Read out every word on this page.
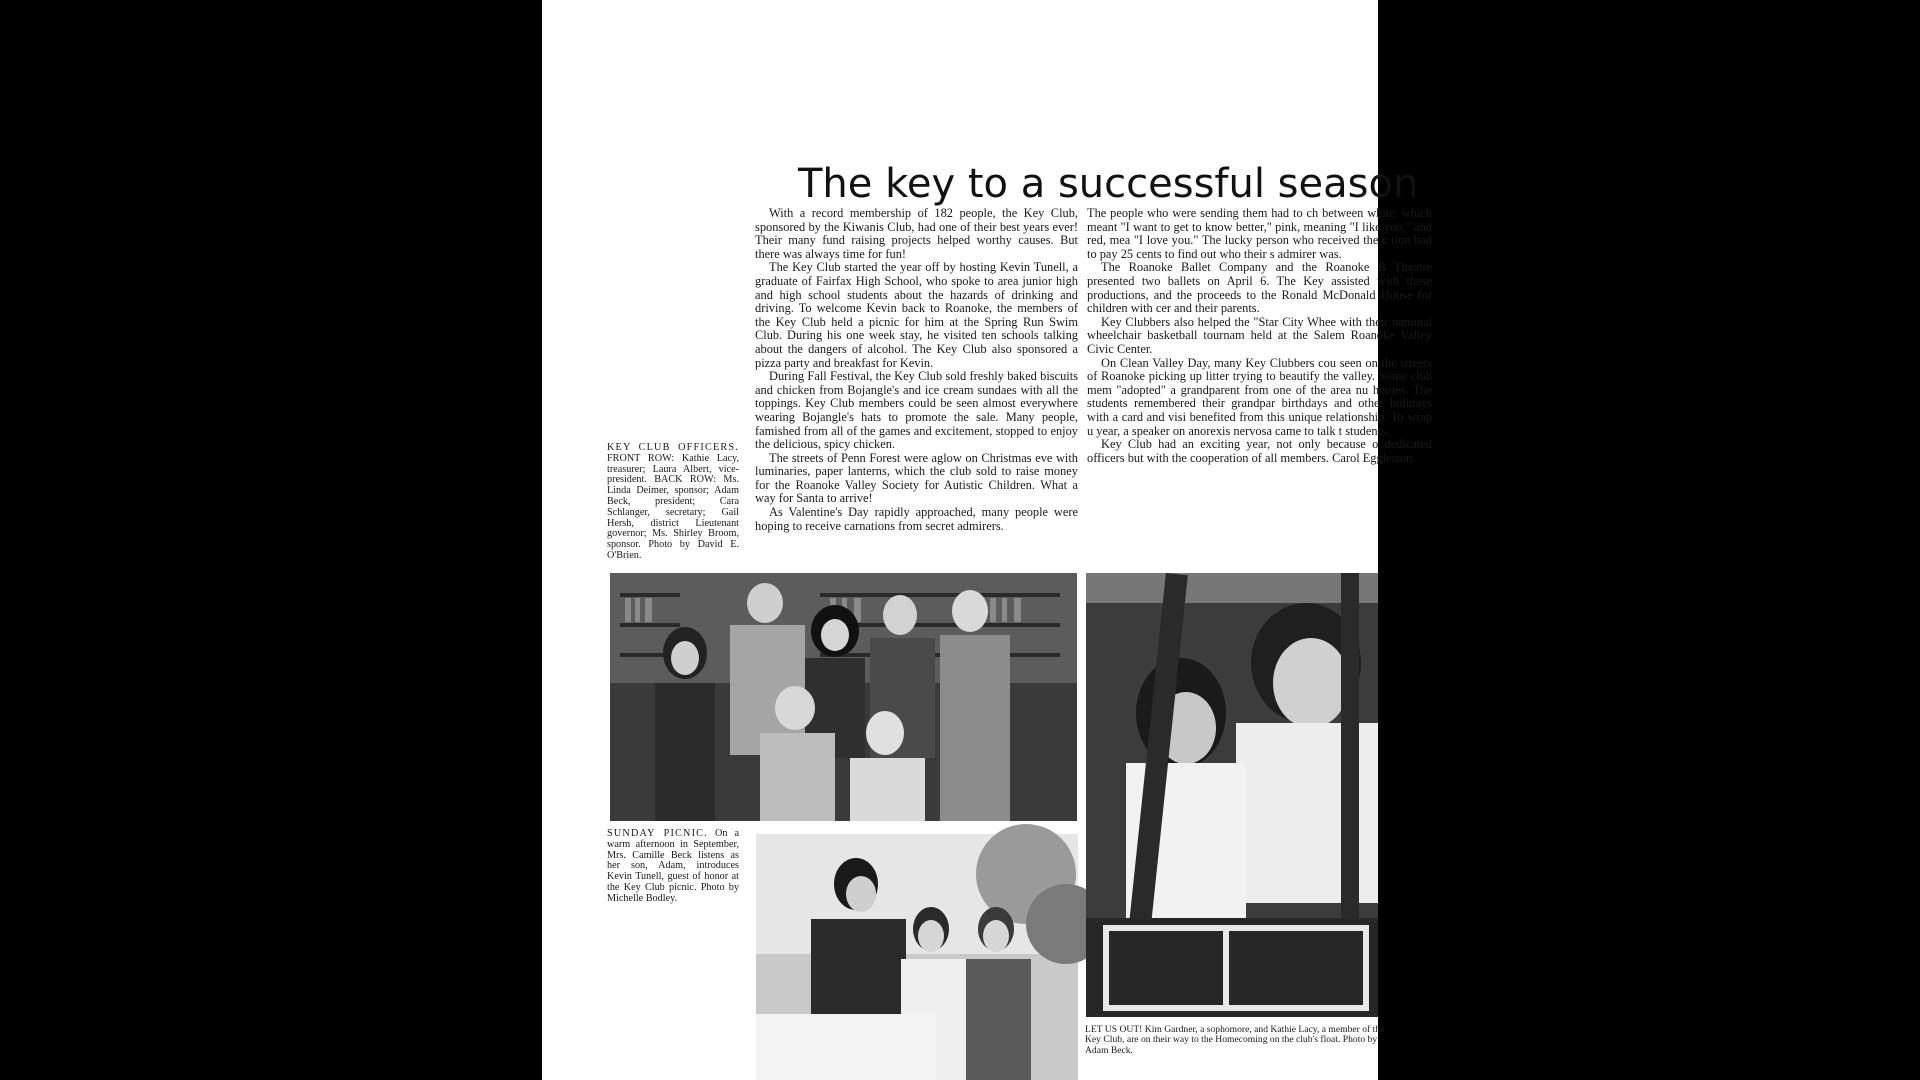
The key to a successful season

With a record membership of 182 people, the Key Club, sponsored by the Kiwanis Club, had one of their best years ever! Their many fund raising projects helped worthy causes. But there was always time for fun!

The Key Club started the year off by hosting Kevin Tunell, a graduate of Fairfax High School, who spoke to area junior high and high school students about the hazards of drinking and driving. To welcome Kevin back to Roanoke, the members of the Key Club held a picnic for him at the Spring Run Swim Club. During his one week stay, he visited ten schools talking about the dangers of alcohol. The Key Club also sponsored a pizza party and breakfast for Kevin.

During Fall Festival, the Key Club sold freshly baked biscuits and chicken from Bojangle's and ice cream sundaes with all the toppings. Key Club members could be seen almost everywhere wearing Bojangle's hats to promote the sale. Many people, famished from all of the games and excitement, stopped to enjoy the delicious, spicy chicken.

The streets of Penn Forest were aglow on Christmas eve with luminaries, paper lanterns, which the club sold to raise money for the Roanoke Valley Society for Autistic Children. What a way for Santa to arrive!

As Valentine's Day rapidly approached, many people were hoping to receive carnations from secret admirers.

The people who were sending them had to ch between white, which meant "I want to get to know better," pink, meaning "I like you," and red, mea "I love you." The lucky person who received the c tion had to pay 25 cents to find out who their s admirer was.

The Roanoke Ballet Company and the Roanoke B Theatre presented two ballets on April 6. The Key assisted with these productions, and the proceeds to the Ronald McDonald House for children with cer and their parents.

Key Clubbers also helped the "Star City Whee with their national wheelchair basketball tournam held at the Salem Roanoke Valley Civic Center.

On Clean Valley Day, many Key Clubbers cou seen on the streets of Roanoke picking up litter trying to beautify the valley. Some club mem "adopted" a grandparent from one of the area nu homes. The students remembered their grandpar birthdays and other holidays with a card and visi benefited from this unique relationship. To wrap u year, a speaker on anorexis nervosa came to talk t students.

Key Club had an exciting year, not only because o dedicated officers but with the cooperation of all members. Carol Eggleston.

KEY CLUB OFFICERS. FRONT ROW: Kathie Lacy, treasurer; Laura Albert, vice-president. BACK ROW: Ms. Linda Deimer, sponsor; Adam Beck, president; Cara Schlanger, secretary; Gail Hersh, district Lieutenant governor; Ms. Shirley Broom, sponsor. Photo by David E. O'Brien.
SUNDAY PICNIC. On a warm afternoon in September, Mrs. Camille Beck listens as her son, Adam, introduces Kevin Tunell, guest of honor at the Key Club picnic. Photo by Michelle Bodley.
LET US OUT! Kim Gardner, a sophomore, and Kathie Lacy, a member of the Key Club, are on their way to the Homecoming on the club's float. Photo by Adam Beck.
